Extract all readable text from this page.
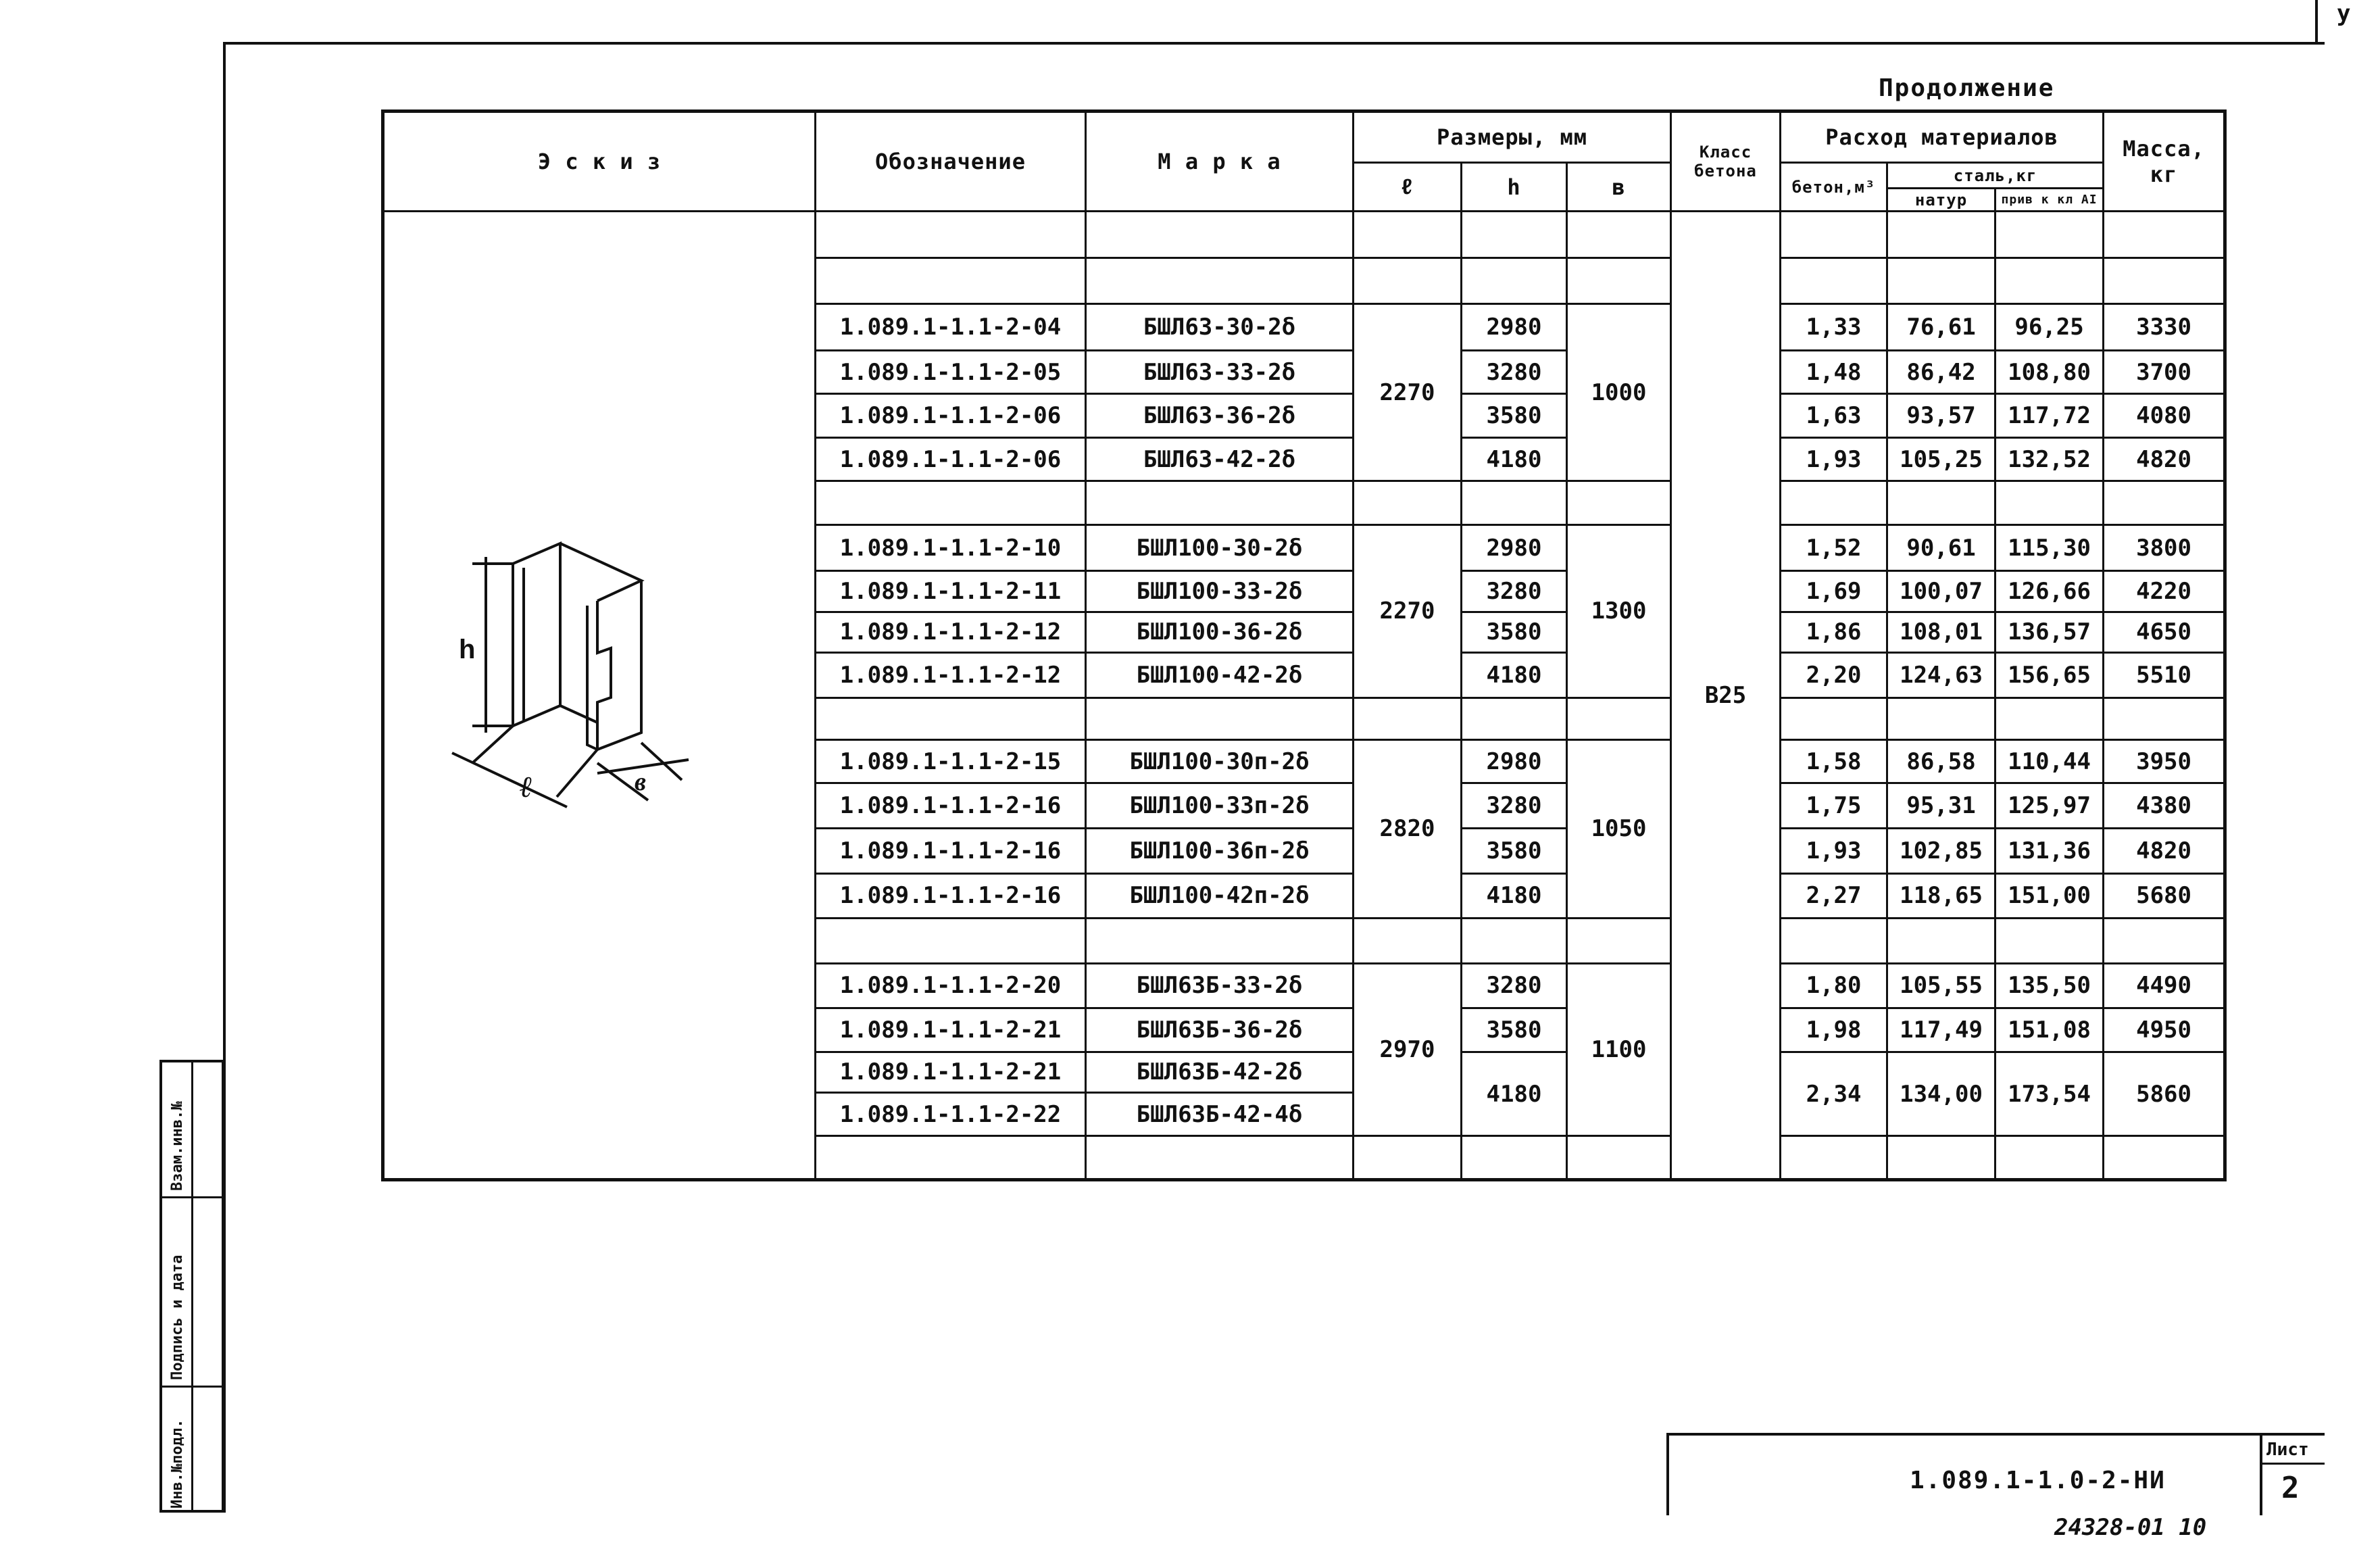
у
Инв.№подл.
Подпись и дата
Взам.инв.№
Продолжение
Э с к и з	Обозначение	М а р к а	Размеры, мм			Класс бетона	Расход материалов			Масса, кг
			ℓ	h	в		бетон,м³	сталь,кг		
								натур	прив к кл АI	

h
ℓ в						В25				

	1.089.1-1.1-2-04	БШЛ63-30-2δ	2270	2980	1000		1,33	76,61	96,25	3330
	1.089.1-1.1-2-05	БШЛ63-33-2δ		3280			1,48	86,42	108,80	3700
	1.089.1-1.1-2-06	БШЛ63-36-2δ		3580			1,63	93,57	117,72	4080
	1.089.1-1.1-2-06	БШЛ63-42-2δ		4180			1,93	105,25	132,52	4820

	1.089.1-1.1-2-10	БШЛ100-30-2δ	2270	2980	1300		1,52	90,61	115,30	3800
	1.089.1-1.1-2-11	БШЛ100-33-2δ		3280			1,69	100,07	126,66	4220
	1.089.1-1.1-2-12	БШЛ100-36-2δ		3580			1,86	108,01	136,57	4650
	1.089.1-1.1-2-12	БШЛ100-42-2δ		4180			2,20	124,63	156,65	5510

	1.089.1-1.1-2-15	БШЛ100-30п-2δ	2820	2980	1050		1,58	86,58	110,44	3950
	1.089.1-1.1-2-16	БШЛ100-33п-2δ		3280			1,75	95,31	125,97	4380
	1.089.1-1.1-2-16	БШЛ100-36п-2δ		3580			1,93	102,85	131,36	4820
	1.089.1-1.1-2-16	БШЛ100-42п-2δ		4180			2,27	118,65	151,00	5680

	1.089.1-1.1-2-20	БШЛ63Б-33-2δ	2970	3280	1100		1,80	105,55	135,50	4490
	1.089.1-1.1-2-21	БШЛ63Б-36-2δ		3580			1,98	117,49	151,08	4950
	1.089.1-1.1-2-21	БШЛ63Б-42-2δ		4180			2,34	134,00	173,54	5860
	1.089.1-1.1-2-22	БШЛ63Б-42-4δ								

1.089.1-1.0-2-НИ
Лист
2
24328-01 10
